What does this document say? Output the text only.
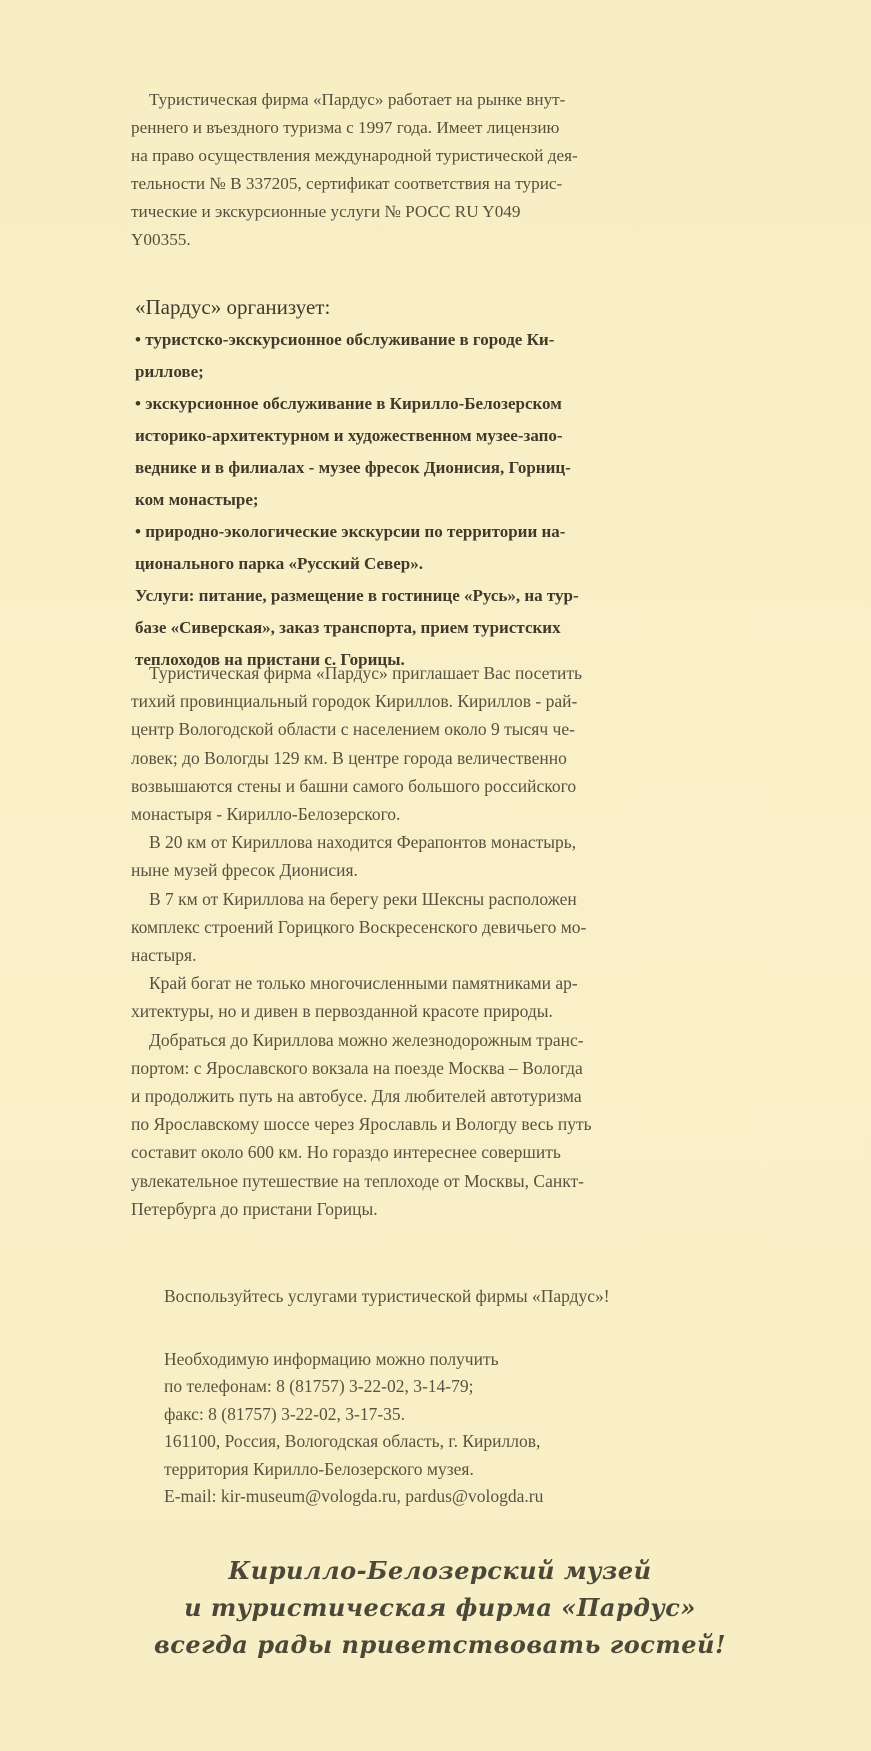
Туристическая фирма «Пардус» работает на рынке внут-
реннего и въездного туризма с 1997 года. Имеет лицензию
на право осуществления международной туристической дея-
тельности № В 337205, сертификат соответствия на турис-
тические и экскурсионные услуги № РОСС RU Y049
Y00355.
«Пардус» организует:
• туристско-экскурсионное обслуживание в городе Ки-
риллове;
• экскурсионное обслуживание в Кирилло-Белозерском
историко-архитектурном и художественном музее-запо-
веднике и в филиалах - музее фресок Дионисия, Горниц-
ком монастыре;
• природно-экологические экскурсии по территории на-
ционального парка «Русский Север».
Услуги: питание, размещение в гостинице «Русь», на тур-
базе «Сиверская», заказ транспорта, прием туристских
теплоходов на пристани с. Горицы.
Туристическая фирма «Пардус» приглашает Вас посетить
тихий провинциальный городок Кириллов. Кириллов - рай-
центр Вологодской области с населением около 9 тысяч че-
ловек; до Вологды 129 км. В центре города величественно
возвышаются стены и башни самого большого российского
монастыря - Кирилло-Белозерского.
В 20 км от Кириллова находится Ферапонтов монастырь,
ныне музей фресок Дионисия.
В 7 км от Кириллова на берегу реки Шексны расположен
комплекс строений Горицкого Воскресенского девичьего мо-
настыря.
Край богат не только многочисленными памятниками ар-
хитектуры, но и дивен в первозданной красоте природы.
Добраться до Кириллова можно железнодорожным транс-
портом: с Ярославского вокзала на поезде Москва – Вологда
и продолжить путь на автобусе. Для любителей автотуризма
по Ярославскому шоссе через Ярославль и Вологду весь путь
составит около 600 км. Но гораздо интереснее совершить
увлекательное путешествие на теплоходе от Москвы, Санкт-
Петербурга до пристани Горицы.
Воспользуйтесь услугами туристической фирмы «Пардус»!
Необходимую информацию можно получить
по телефонам: 8 (81757) 3-22-02, 3-14-79;
факс: 8 (81757) 3-22-02, 3-17-35.
161100, Россия, Вологодская область, г. Кириллов,
территория Кирилло-Белозерского музея.
E-mail: kir-museum@vologda.ru, pardus@vologda.ru
Кирилло-Белозерский музей
и туристическая фирма «Пардус»
всегда рады приветствовать гостей!
